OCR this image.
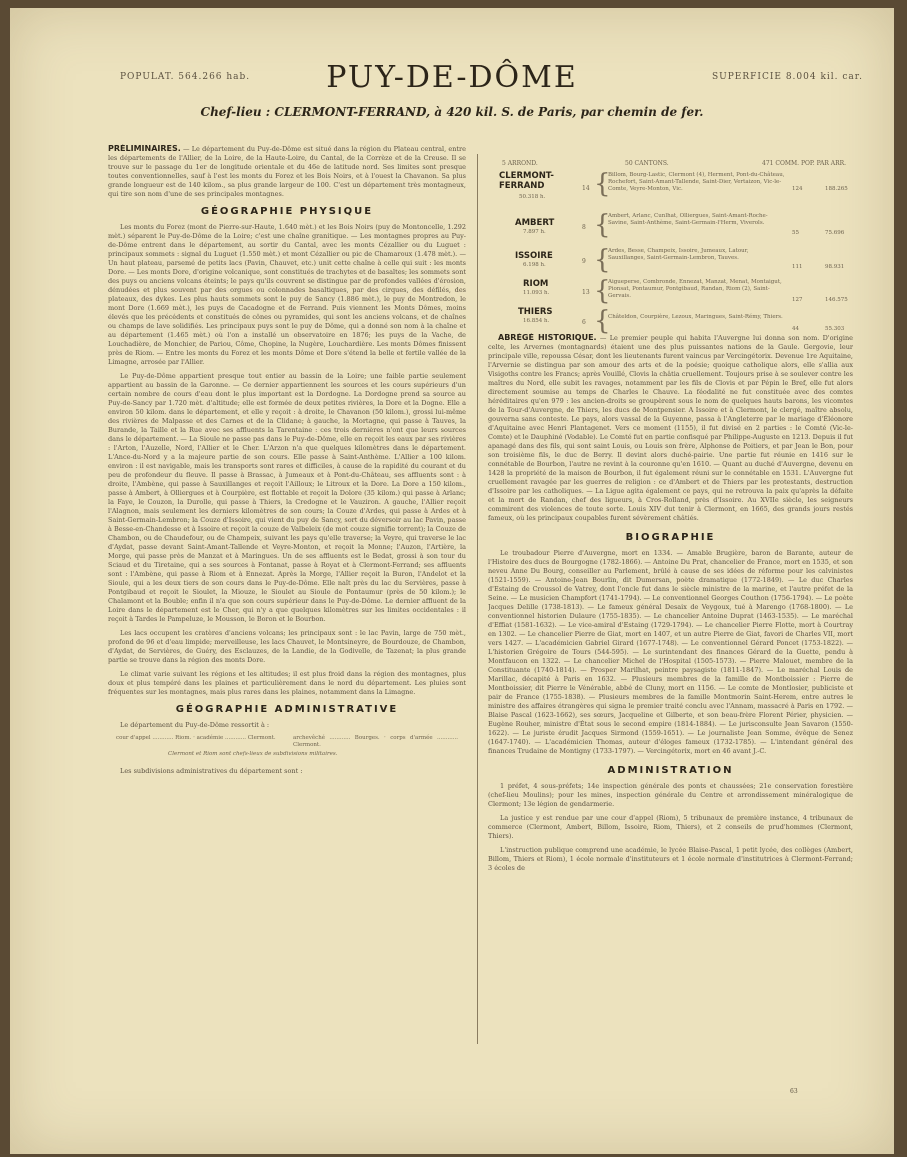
POPULAT. 564.266 hab.	PUY-DE-DÔME	SUPERFICIE 8.004 kil. car.
Chef-lieu : CLERMONT-FERRAND, à 420 kil. S. de Paris, par chemin de fer.

PRÉLIMINAIRES. — Le département du Puy-de-Dôme est situé dans la région du Plateau central, entre les départements de l'Allier, de la Loire, de la Haute-Loire, du Cantal, de la Corrèze et de la Creuse. Il se trouve sur le passage du 1er de longitude orientale et du 46e de latitude nord. Ses limites sont presque toutes conventionnelles, sauf à l'est les monts du Forez et les Bois Noirs, et à l'ouest la Chavanon. Sa plus grande longueur est de 140 kilom., sa plus grande largeur de 100. C'est un département très montagneux, qui tire son nom d'une de ses principales montagnes.

GÉOGRAPHIE PHYSIQUE

Les monts du Forez (mont de Pierre-sur-Haute, 1.640 mèt.) et les Bois Noirs (puy de Montoncelle, 1.292 mèt.) séparent le Puy-de-Dôme de la Loire; c'est une chaîne granitique. — Les montagnes propres au Puy-de-Dôme entrent dans le département, au sortir du Cantal, avec les monts Cézallier ou du Luguet : principaux sommets : signal du Luguet (1.550 mèt.) et mont Cézallier ou pic de Chamaroux (1.478 mèt.). — Un haut plateau, parsemé de petits lacs (Pavin, Chauvet, etc.) unit cette chaîne à celle qui suit : les monts Dore. — Les monts Dore, d'origine volcanique, sont constitués de trachytes et de basaltes; les sommets sont des puys ou anciens volcans éteints; le pays qu'ils couvrent se distingue par de profondes vallées d'érosion, dénudées et plus souvent par des orgues ou colonnades basaltiques, par des cirques, des défilés, des plateaux, des dykes. Les plus hauts sommets sont le puy de Sancy (1.886 mèt.), le puy de Montredon, le mont Dore (1.669 mèt.), les puys de Cacadogne et de Ferrand. Puis viennent les Monts Dômes, moins élevés que les précédents et constitués de cônes ou pyramides, qui sont les anciens volcans, et de chaînes ou champs de lave solidifiés. Les principaux puys sont le puy de Dôme, qui a donné son nom à la chaîne et au département (1.465 mèt.) où l'on a installé un observatoire en 1876; les puys de la Vache, de Louchadière, de Monchier, de Pariou, Côme, Chopine, la Nugère, Louchardière. Les monts Dômes finissent près de Riom. — Entre les monts du Forez et les monts Dôme et Dore s'étend la belle et fertile vallée de la Limagne, arrosée par l'Allier.

Le Puy-de-Dôme appartient presque tout entier au bassin de la Loire; une faible partie seulement appartient au bassin de la Garonne. — Ce dernier appartiennent les sources et les cours supérieurs d'un certain nombre de cours d'eau dont le plus important est la Dordogne. La Dordogne prend sa source au Puy-de-Sancy par 1.720 mèt. d'altitude; elle est formée de deux petites rivières, la Dore et la Dogne. Elle a environ 50 kilom. dans le département, et elle y reçoit : à droite, le Chavanon (50 kilom.), grossi lui-même des rivières de Malpasse et des Carnes et de la Clidane; à gauche, la Mortagne, qui passe à Tauves, la Burande, la Taille et la Rue avec ses affluents la Tarentaine : ces trois dernières n'ont que leurs sources dans le département. — La Sioule ne passe pas dans le Puy-de-Dôme, elle en reçoit les eaux par ses rivières : l'Arton, l'Auzelle, Nord, l'Allier et le Cher. L'Arzon n'a que quelques kilomètres dans le département. L'Ance-du-Nord y a la majeure partie de son cours. Elle passe à Saint-Anthème. L'Allier a 100 kilom. environ : il est navigable, mais les transports sont rares et difficiles, à cause de la rapidité du courant et du peu de profondeur du fleuve. Il passe à Brassac, à Jumeaux et à Pont-du-Château, ses affluents sont : à droite, l'Ambène, qui passe à Sauxillanges et reçoit l'Ailloux; le Litroux et la Dore. La Dore a 150 kilom., passe à Ambert, à Olliergues et à Courpière, est flottable et reçoit la Dolore (35 kilom.) qui passe à Arlanc; la Faye, le Couzon, la Durolle, qui passe à Thiers, la Credogne et le Vauziron. A gauche, l'Allier reçoit l'Alagnon, mais seulement les derniers kilomètres de son cours; la Couze d'Ardes, qui passe à Ardes et à Saint-Germain-Lembron; la Couze d'Issoire, qui vient du puy de Sancy, sort du déversoir au lac Pavin, passe à Besse-en-Chandesse et à Issoire et reçoit la couze de Valbeleix (de mot couze signifie torrent); la Couze de Chambon, ou de Chaudefour, ou de Champeix, suivant les pays qu'elle traverse; la Veyre, qui traverse le lac d'Aydat, passe devant Saint-Amant-Tallende et Veyre-Monton, et reçoit la Monne; l'Auzon, l'Artière, la Morge, qui passe près de Manzat et à Maringues. Un de ses affluents est le Bedat, grossi à son tour du Sciaud et du Tiretaine, qui a ses sources à Fontanat, passe à Royat et à Clermont-Ferrand; ses affluents sont : l'Ambène, qui passe à Riom et à Ennezat. Après la Morge, l'Allier reçoit la Buron, l'Andelot et la Sioule, qui a les deux tiers de son cours dans le Puy-de-Dôme. Elle naît près du lac du Servières, passe à Pontgibaud et reçoit le Sioulet, la Miouze, le Sioulet au Sioule de Pontaumur (près de 50 kilom.); le Chalamont et la Bouble; enfin il n'a que son cours supérieur dans le Puy-de-Dôme. Le dernier affluent de la Loire dans le département est le Cher, qui n'y a que quelques kilomètres sur les limites occidentales : il reçoit à Tardes le Pampeluze, le Mousson, le Boron et le Bourbon.

Les lacs occupent les cratères d'anciens volcans; les principaux sont : le lac Pavin, large de 750 mèt., profond de 96 et d'eau limpide; merveilleuse, les lacs Chauvet, le Montsineyre, de Bourdouze, de Chambon, d'Aydat, de Servières, de Guéry, des Esclauzes, de la Landie, de la Godivelle, de Tazenat; la plus grande partie se trouve dans la région des monts Dore.

Le climat varie suivant les régions et les altitudes; il est plus froid dans la région des montagnes, plus doux et plus tempéré dans les plaines et particulièrement dans le nord du département. Les pluies sont fréquentes sur les montagnes, mais plus rares dans les plaines, notamment dans la Limagne.

GÉOGRAPHIE ADMINISTRATIVE

Le département du Puy-de-Dôme ressortit à :

cour d'appel ............ Riom. · académie ............ Clermont.	archevêché ............ Bourges. · corps d'armée ............ Clermont.
Clermont et Riom sont chefs-lieux de subdivisions militaires.

Les subdivisions administratives du département sont :

5 ARROND.	50 CANTONS.	471 COMM. POP. PAR ARR.
CLERMONT-FERRAND
50.318 h.
14 {
Billom, Bourg-Lastic, Clermont (4), Herment, Pont-du-Château, Rochefort, Saint-Amant-Tallende, Saint-Dier, Vertaizon, Vic-le-Comte, Veyre-Monton, Vic.	124	188.265
AMBERT
7.897 h.
8 {
Ambert, Arlanc, Cunlhat, Olliergues, Saint-Amant-Roche-Savine, Saint-Anthème, Saint-Germain-l'Herm, Viverols.
55	75.696
ISSOIRE
6.198 h.	9 {
Ardes, Besse, Champeix, Issoire, Jumeaux, Latour, Sauxillanges, Saint-Germain-Lembron, Tauves.
111	98.931
RIOM
11.093 h.	13 {
Aigueperse, Combronde, Ennezat, Manzat, Menat, Montaigut, Pionsat, Pontaumur, Pontgibaud, Randan, Riom (2), Saint-Gervais.
127	146.575
THIERS
16.854 h.	6 {
Châteldon, Courpière, Lezoux, Maringues, Saint-Rémy, Thiers.
44	55.303

ABRÉGÉ HISTORIQUE. — Le premier peuple qui habita l'Auvergne lui donna son nom. D'origine celte, les Arvernes (montagnards) étaient une des plus puissantes nations de la Gaule. Gergovie, leur principale ville, repoussa César, dont les lieutenants furent vaincus par Vercingétorix. Devenue 1re Aquitaine, l'Arvernie se distingua par son amour des arts et de la poésie; quoique catholique alors, elle s'allia aux Visigoths contre les Francs; après Vouillé, Clovis la châtia cruellement. Toujours prise à se soulever contre les maîtres du Nord, elle subit les ravages, notamment par les fils de Clovis et par Pépin le Bref, elle fut alors directement soumise au temps de Charles le Chauve. La féodalité ne fut constituée avec des comtes héréditaires qu'en 979 : les ancien-droits se groupèrent sous le nom de quelques hauts barons, les vicomtes de la Tour-d'Auvergne, de Thiers, les ducs de Montpensier. A Issoire et à Clermont, le clergé, maître absolu, gouverna sans conteste. Le pays, alors vassal de la Guyenne, passa à l'Angleterre par le mariage d'Éléonore d'Aquitaine avec Henri Plantagenet. Vers ce moment (1155), il fut divisé en 2 parties : le Comté (Vic-le-Comte) et le Dauphiné (Vodable). Le Comté fut en partie confisqué par Philippe-Auguste en 1213. Depuis il fut apanagé dans des fils, qui sont saint Louis, ou Louis son frère, Alphonse de Poitiers, et par Jean le Bon, pour son troisième fils, le duc de Berry. Il devint alors duché-pairie. Une partie fut réunie en 1416 sur le connétable de Bourbon, l'autre ne revint à la couronne qu'en 1610. — Quant au duché d'Auvergne, devenu en 1428 la propriété de la maison de Bourbon, il fut également réuni sur le connétable en 1531. L'Auvergne fut cruellement ravagée par les guerres de religion : ce d'Ambert et de Thiers par les protestants, destruction d'Issoire par les catholiques. — La Ligue agita également ce pays, qui ne retrouva la paix qu'après la défaite et la mort de Randan, chef des ligueurs, à Cros-Rolland, près d'Issoire. Au XVIIe siècle, les seigneurs commirent des violences de toute sorte. Louis XIV dut tenir à Clermont, en 1665, des grands jours restés fameux, où les principaux coupables furent sévèrement châtiés.

BIOGRAPHIE

Le troubadour Pierre d'Auvergne, mort en 1334. — Amable Brugière, baron de Barante, auteur de l'Histoire des ducs de Bourgogne (1782-1866). — Antoine Du Prat, chancelier de France, mort en 1535, et son neveu Anne Du Bourg, conseiller au Parlement, brûlé à cause de ses idées de réforme pour les calvinistes (1521-1559). — Antoine-Jean Bourlin, dit Dumersan, poète dramatique (1772-1849). — Le duc Charles d'Estaing de Croussol de Vatrey, dont l'oncle fut dans le siècle ministre de la marine, et l'autre préfet de la Seine. — Le musicien Champfort (1741-1794). — Le conventionnel Georges Couthon (1756-1794). — Le poète Jacques Delille (1738-1813). — Le fameux général Desaix de Veygoux, tué à Marengo (1768-1800). — Le conventionnel historien Dulaure (1755-1835). — Le chancelier Antoine Duprat (1463-1535). — Le maréchal d'Effiat (1581-1632). — Le vice-amiral d'Estaing (1729-1794). — Le chancelier Pierre Flotte, mort à Courtray en 1302. — Le chancelier Pierre de Giat, mort en 1407, et un autre Pierre de Giat, favori de Charles VII, mort vers 1427. — L'académicien Gabriel Girard (1677-1748). — Le conventionnel Gérard Poncet (1753-1822). — L'historien Grégoire de Tours (544-595). — Le surintendant des finances Gérard de la Guette, pendu à Montfaucon en 1322. — Le chancelier Michel de l'Hospital (1505-1573). — Pierre Malouet, membre de la Constituante (1740-1814). — Prosper Marilhat, peintre paysagiste (1811-1847). — Le maréchal Louis de Marillac, décapité à Paris en 1632. — Plusieurs membres de la famille de Montboissier : Pierre de Montboissier, dit Pierre le Vénérable, abbé de Cluny, mort en 1156. — Le comte de Montlosier, publiciste et pair de France (1755-1838). — Plusieurs membres de la famille Montmorin Saint-Herem, entre autres le ministre des affaires étrangères qui signa le premier traité conclu avec l'Annam, massacré à Paris en 1792. — Blaise Pascal (1623-1662), ses sœurs, Jacqueline et Gilberte, et son beau-frère Florent Périer, physicien. — Eugène Rouher, ministre d'État sous le second empire (1814-1884). — Le jurisconsulte Jean Savaron (1550-1622). — Le juriste érudit Jacques Sirmond (1559-1651). — Le journaliste Jean Somme, évêque de Senez (1647-1740). — L'académicien Thomas, auteur d'éloges fameux (1732-1785). — L'intendant général des finances Trudaine de Montigny (1733-1797). — Vercingétorix, mort en 46 avant J.-C.

ADMINISTRATION

1 préfet, 4 sous-préfets; 14e inspection générale des ponts et chaussées; 21e conservation forestière (chef-lieu Moulins); pour les mines, inspection générale du Centre et arrondissement minéralogique de Clermont; 13e légion de gendarmerie.

La justice y est rendue par une cour d'appel (Riom), 5 tribunaux de première instance, 4 tribunaux de commerce (Clermont, Ambert, Billom, Issoire, Riom, Thiers), et 2 conseils de prud'hommes (Clermont, Thiers).

L'instruction publique comprend une académie, le lycée Blaise-Pascal, 1 petit lycée, des collèges (Ambert, Billom, Thiers et Riom), 1 école normale d'instituteurs et 1 école normale d'institutrices à Clermont-Ferrand; 3 écoles de

63
